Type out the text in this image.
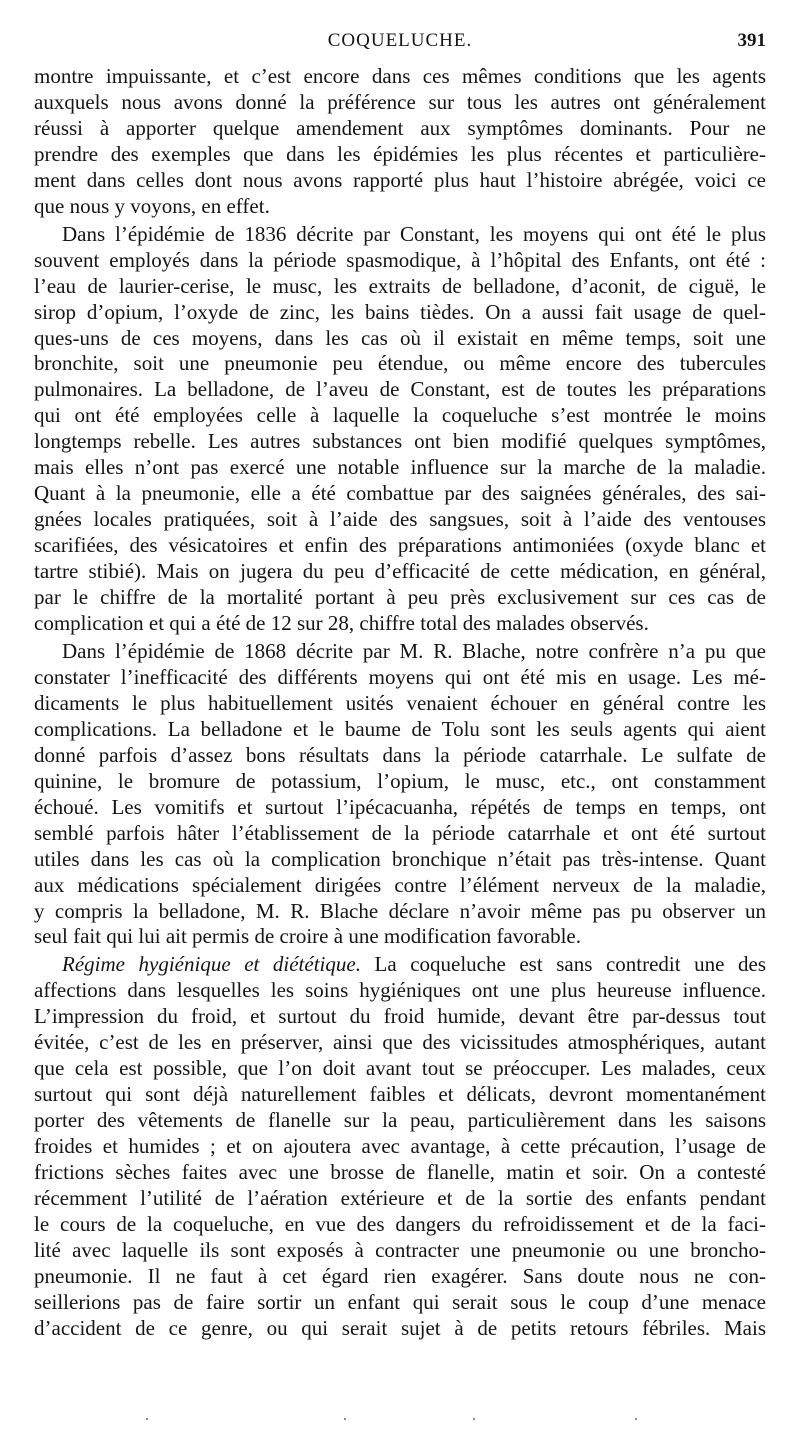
COQUELUCHE.	391

montre impuissante, et c’est encore dans ces mêmes conditions que les agents
auxquels nous avons donné la préférence sur tous les autres ont généralement
réussi à apporter quelque amendement aux symptômes dominants. Pour ne
prendre des exemples que dans les épidémies les plus récentes et particulière-
ment dans celles dont nous avons rapporté plus haut l’histoire abrégée, voici ce
que nous y voyons, en effet.

Dans l’épidémie de 1836 décrite par Constant, les moyens qui ont été le plus
souvent employés dans la période spasmodique, à l’hôpital des Enfants, ont été :
l’eau de laurier-cerise, le musc, les extraits de belladone, d’aconit, de ciguë, le
sirop d’opium, l’oxyde de zinc, les bains tièdes. On a aussi fait usage de quel-
ques-uns de ces moyens, dans les cas où il existait en même temps, soit une
bronchite, soit une pneumonie peu étendue, ou même encore des tubercules
pulmonaires. La belladone, de l’aveu de Constant, est de toutes les préparations
qui ont été employées celle à laquelle la coqueluche s’est montrée le moins
longtemps rebelle. Les autres substances ont bien modifié quelques symptômes,
mais elles n’ont pas exercé une notable influence sur la marche de la maladie.
Quant à la pneumonie, elle a été combattue par des saignées générales, des sai-
gnées locales pratiquées, soit à l’aide des sangsues, soit à l’aide des ventouses
scarifiées, des vésicatoires et enfin des préparations antimoniées (oxyde blanc et
tartre stibié). Mais on jugera du peu d’efficacité de cette médication, en général,
par le chiffre de la mortalité portant à peu près exclusivement sur ces cas de
complication et qui a été de 12 sur 28, chiffre total des malades observés.

Dans l’épidémie de 1868 décrite par M. R. Blache, notre confrère n’a pu que
constater l’inefficacité des différents moyens qui ont été mis en usage. Les mé-
dicaments le plus habituellement usités venaient échouer en général contre les
complications. La belladone et le baume de Tolu sont les seuls agents qui aient
donné parfois d’assez bons résultats dans la période catarrhale. Le sulfate de
quinine, le bromure de potassium, l’opium, le musc, etc., ont constamment
échoué. Les vomitifs et surtout l’ipécacuanha, répétés de temps en temps, ont
semblé parfois hâter l’établissement de la période catarrhale et ont été surtout
utiles dans les cas où la complication bronchique n’était pas très-intense. Quant
aux médications spécialement dirigées contre l’élément nerveux de la maladie,
y compris la belladone, M. R. Blache déclare n’avoir même pas pu observer un
seul fait qui lui ait permis de croire à une modification favorable.

Régime hygiénique et diététique. La coqueluche est sans contredit une des
affections dans lesquelles les soins hygiéniques ont une plus heureuse influence.
L’impression du froid, et surtout du froid humide, devant être par-dessus tout
évitée, c’est de les en préserver, ainsi que des vicissitudes atmosphériques, autant
que cela est possible, que l’on doit avant tout se préoccuper. Les malades, ceux
surtout qui sont déjà naturellement faibles et délicats, devront momentanément
porter des vêtements de flanelle sur la peau, particulièrement dans les saisons
froides et humides ; et on ajoutera avec avantage, à cette précaution, l’usage de
frictions sèches faites avec une brosse de flanelle, matin et soir. On a contesté
récemment l’utilité de l’aération extérieure et de la sortie des enfants pendant
le cours de la coqueluche, en vue des dangers du refroidissement et de la faci-
lité avec laquelle ils sont exposés à contracter une pneumonie ou une broncho-
pneumonie. Il ne faut à cet égard rien exagérer. Sans doute nous ne con-
seillerions pas de faire sortir un enfant qui serait sous le coup d’une menace
d’accident de ce genre, ou qui serait sujet à de petits retours fébriles. Mais
